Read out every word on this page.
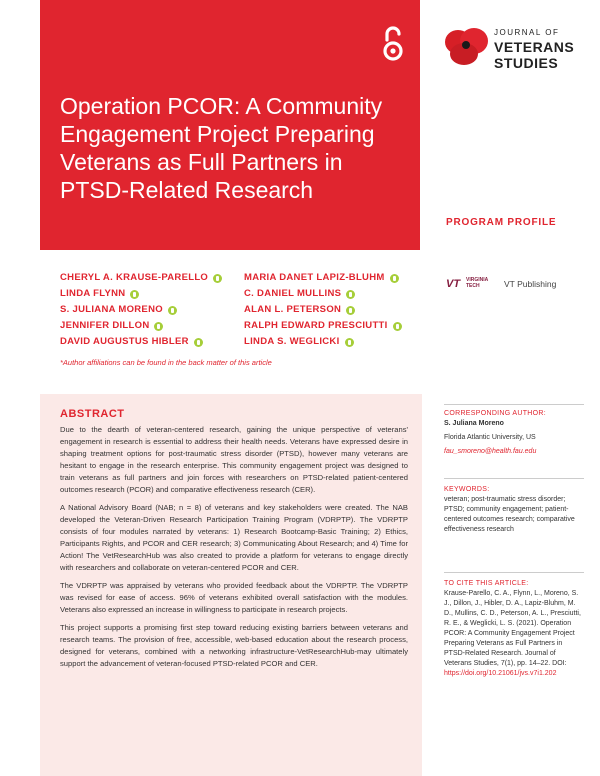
Operation PCOR: A Community Engagement Project Preparing Veterans as Full Partners in PTSD-Related Research
JOURNAL OF
VETERANS
STUDIES
PROGRAM PROFILE
CHERYL A. KRAUSE-PARELLO
LINDA FLYNN
S. JULIANA MORENO
JENNIFER DILLON
DAVID AUGUSTUS HIBLER
MARIA DANET LAPIZ-BLUHM
C. DANIEL MULLINS
ALAN L. PETERSON
RALPH EDWARD PRESCIUTTI
LINDA S. WEGLICKI
*Author affiliations can be found in the back matter of this article
VT VIRGINIA
TECH	VT Publishing
ABSTRACT

Due to the dearth of veteran-centered research, gaining the unique perspective of veterans' engagement in research is essential to address their health needs. Veterans have expressed desire in shaping treatment options for post-traumatic stress disorder (PTSD), however many veterans are hesitant to engage in the research enterprise. This community engagement project was designed to train veterans as full partners and join forces with researchers on PTSD-related patient-centered outcomes research (PCOR) and comparative effectiveness research (CER).

A National Advisory Board (NAB; n = 8) of veterans and key stakeholders were created. The NAB developed the Veteran-Driven Research Participation Training Program (VDRPTP). The VDRPTP consists of four modules narrated by veterans: 1) Research Bootcamp-Basic Training; 2) Ethics, Participants Rights, and PCOR and CER research; 3) Communicating About Research; and 4) Time for Action! The VetResearchHub was also created to provide a platform for veterans to engage directly with researchers and collaborate on veteran-centered PCOR and CER.

The VDRPTP was appraised by veterans who provided feedback about the VDRPTP. The VDRPTP was revised for ease of access. 96% of veterans exhibited overall satisfaction with the modules. Veterans also expressed an increase in willingness to participate in research projects.

This project supports a promising first step toward reducing existing barriers between veterans and research teams. The provision of free, accessible, web-based education about the research process, designed for veterans, combined with a networking infrastructure-VetResearchHub-may ultimately support the advancement of veteran-focused PTSD-related PCOR and CER.

CORRESPONDING AUTHOR:
S. Juliana Moreno
Florida Atlantic University, US
fau_smoreno@health.fau.edu
KEYWORDS:
veteran; post-traumatic stress disorder; PTSD; community engagement; patient-centered outcomes research; comparative effectiveness research
TO CITE THIS ARTICLE:
Krause-Parello, C. A., Flynn, L., Moreno, S. J., Dillon, J., Hibler, D. A., Lapiz-Bluhm, M. D., Mullins, C. D., Peterson, A. L., Presciutti, R. E., & Weglicki, L. S. (2021). Operation PCOR: A Community Engagement Project Preparing Veterans as Full Partners in PTSD-Related Research. Journal of Veterans Studies, 7(1), pp. 14–22. DOI:
https://doi.org/10.21061/jvs.v7i1.202
